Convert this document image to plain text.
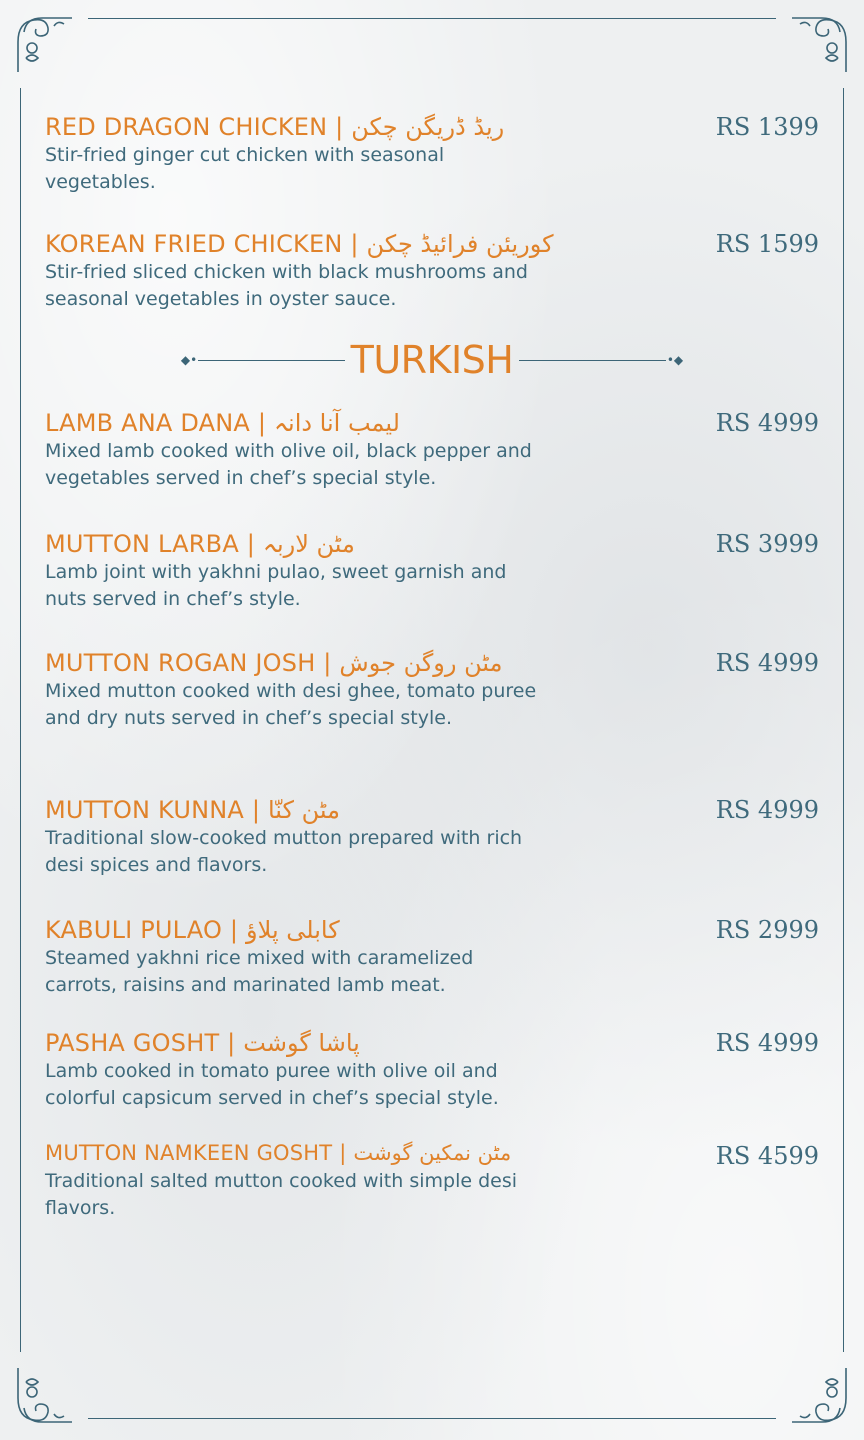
RED DRAGON CHICKEN | ریڈ ڈریگن چکن
Stir-fried ginger cut chicken with seasonal vegetables.
RS 1399
KOREAN FRIED CHICKEN | کوریئن فرائیڈ چکن
Stir-fried sliced chicken with black mushrooms and seasonal vegetables in oyster sauce.
RS 1599
◆•	TURKISH	•◆
LAMB ANA DANA | لیمب آنا دانہ
Mixed lamb cooked with olive oil, black pepper and vegetables served in chef’s special style.
RS 4999
MUTTON LARBA | مٹن لاربہ
Lamb joint with yakhni pulao, sweet garnish and nuts served in chef’s style.
RS 3999
MUTTON ROGAN JOSH | مٹن روگن جوش
Mixed mutton cooked with desi ghee, tomato puree and dry nuts served in chef’s special style.
RS 4999
MUTTON KUNNA | مٹن کنّا
Traditional slow-cooked mutton prepared with rich desi spices and flavors.
RS 4999
KABULI PULAO | کابلی پلاؤ
Steamed yakhni rice mixed with caramelized carrots, raisins and marinated lamb meat.
RS 2999
PASHA GOSHT | پاشا گوشت
Lamb cooked in tomato puree with olive oil and colorful capsicum served in chef’s special style.
RS 4999
MUTTON NAMKEEN GOSHT | مٹن نمکین گوشت
Traditional salted mutton cooked with simple desi flavors.
RS 4599
